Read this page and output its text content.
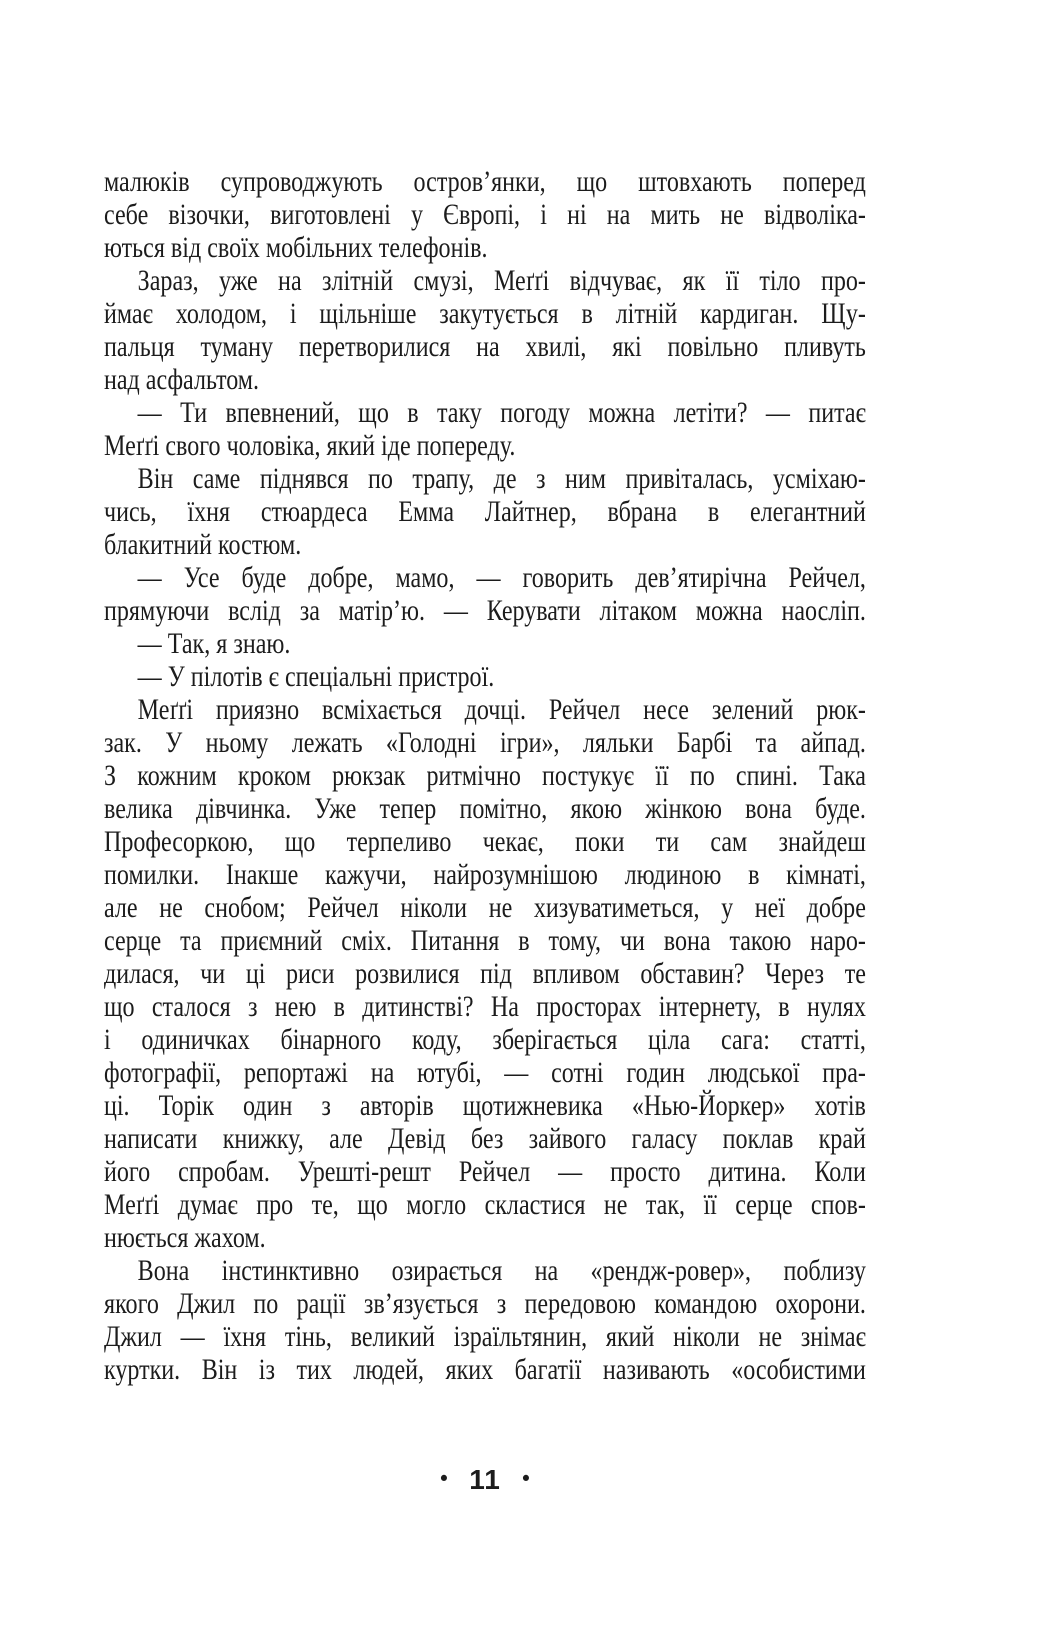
малюків супроводжують остров’янки, що штовхають поперед
себе візочки, виготовлені у Європі, і ні на мить не відволіка-
ються від своїх мобільних телефонів.
Зараз, уже на злітній смузі, Меґґі відчуває, як її тіло про-
ймає холодом, і щільніше закутується в літній кардиган. Щу-
пальця туману перетворилися на хвилі, які повільно пливуть
над асфальтом.
— Ти впевнений, що в таку погоду можна летіти? — питає
Меґґі свого чоловіка, який іде попереду.
Він саме піднявся по трапу, де з ним привіталась, усміхаю-
чись, їхня стюардеса Емма Лайтнер, вбрана в елегантний
блакитний костюм.
— Усе буде добре, мамо, — говорить дев’ятирічна Рейчел,
прямуючи вслід за матір’ю. — Керувати літаком можна наосліп.
— Так, я знаю.
— У пілотів є спеціальні пристрої.
Меґґі приязно всміхається дочці. Рейчел несе зелений рюк-
зак. У ньому лежать «Голодні ігри», ляльки Барбі та айпад.
З кожним кроком рюкзак ритмічно постукує її по спині. Така
велика дівчинка. Уже тепер помітно, якою жінкою вона буде.
Професоркою, що терпеливо чекає, поки ти сам знайдеш
помилки. Інакше кажучи, найрозумнішою людиною в кімнаті,
але не снобом; Рейчел ніколи не хизуватиметься, у неї добре
серце та приємний сміх. Питання в тому, чи вона такою наро-
дилася, чи ці риси розвилися під впливом обставин? Через те
що сталося з нею в дитинстві? На просторах інтернету, в нулях
і одиничках бінарного коду, зберігається ціла сага: статті,
фотографії, репортажі на ютубі, — сотні годин людської пра-
ці. Торік один з авторів щотижневика «Нью-Йоркер» хотів
написати книжку, але Девід без зайвого галасу поклав край
його спробам. Урешті-решт Рейчел — просто дитина. Коли
Меґґі думає про те, що могло скластися не так, її серце спов-
нюється жахом.
Вона інстинктивно озирається на «рендж-ровер», поблизу
якого Джил по рації зв’язується з передовою командою охорони.
Джил — їхня тінь, великий ізраїльтянин, який ніколи не знімає
куртки. Він із тих людей, яких багатії називають «особистими
• 11 •
